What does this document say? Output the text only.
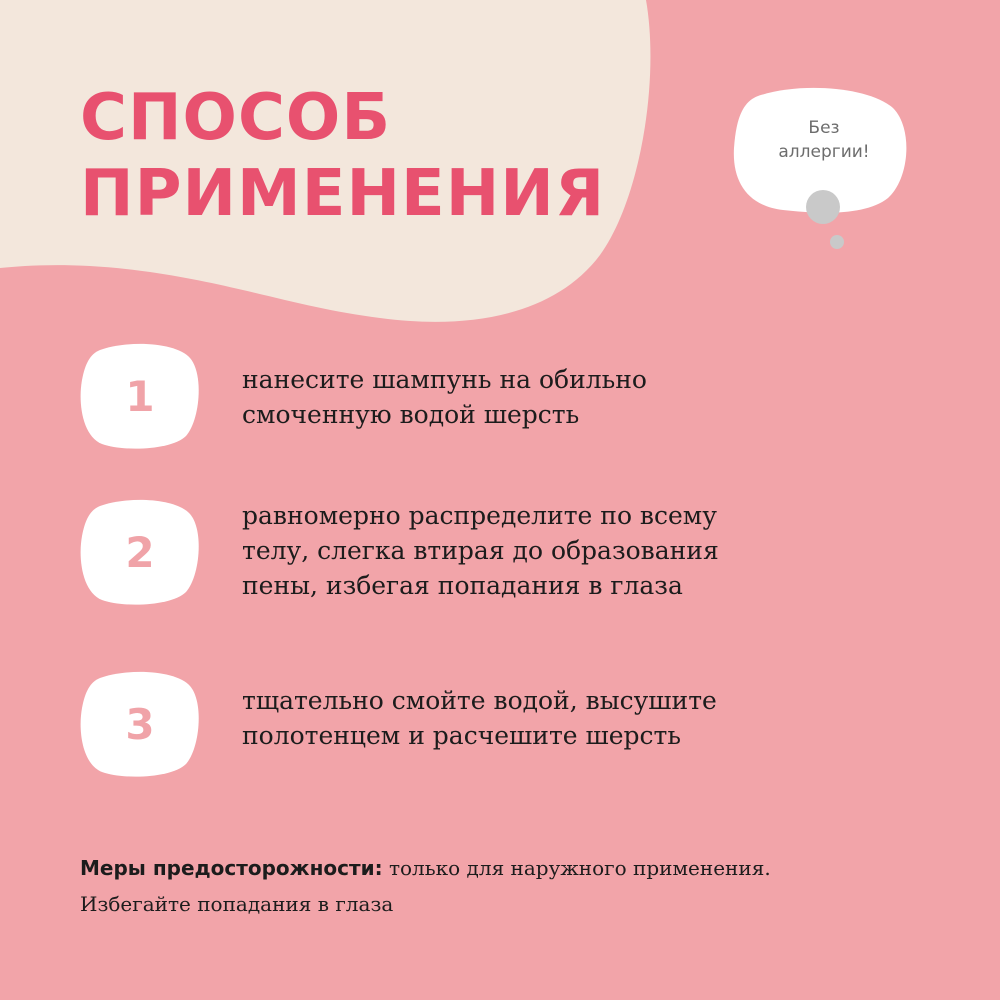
СПОСОБ
ПРИМЕНЕНИЯ
Без
аллергии!
1	нанесите шампунь на обильно
смоченную водой шерсть
2
равномерно распределите по всему
телу, слегка втирая до образования
пены, избегая попадания в глаза
3	тщательно смойте водой, высушите
полотенцем и расчешите шерсть
Меры предосторожности: только для наружного применения.
Избегайте попадания в глаза
